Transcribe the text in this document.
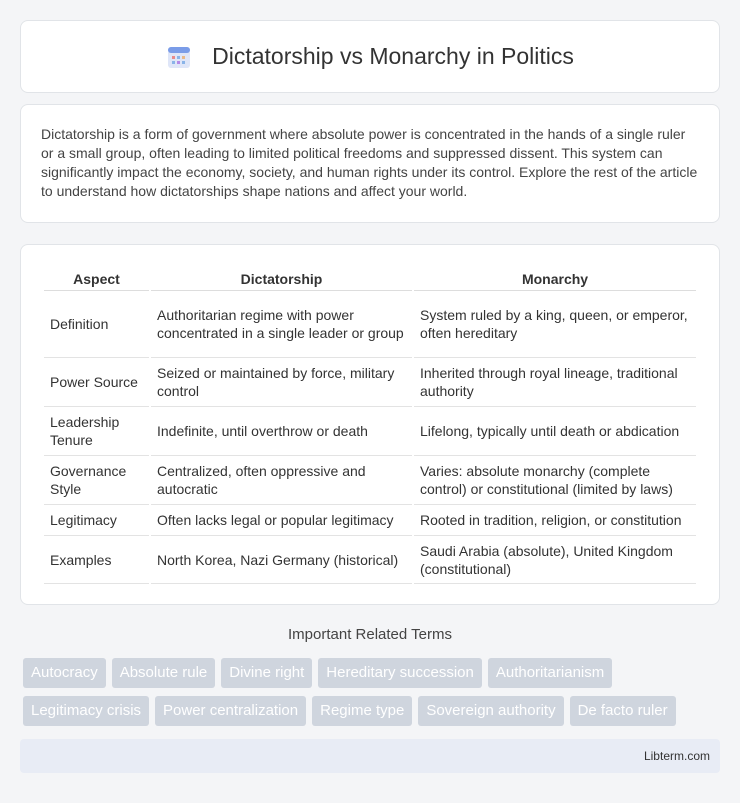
Dictatorship vs Monarchy in Politics

Dictatorship is a form of government where absolute power is concentrated in the hands of a single ruler or a small group, often leading to limited political freedoms and suppressed dissent. This system can significantly impact the economy, society, and human rights under its control. Explore the rest of the article to understand how dictatorships shape nations and affect your world.

Aspect	Dictatorship	Monarchy
Definition	Authoritarian regime with power concentrated in a single leader or group	System ruled by a king, queen, or emperor, often hereditary
Power Source	Seized or maintained by force, military control	Inherited through royal lineage, traditional authority
Leadership Tenure	Indefinite, until overthrow or death	Lifelong, typically until death or abdication
Governance Style	Centralized, often oppressive and autocratic	Varies: absolute monarchy (complete control) or constitutional (limited by laws)
Legitimacy	Often lacks legal or popular legitimacy	Rooted in tradition, religion, or constitution
Examples	North Korea, Nazi Germany (historical)	Saudi Arabia (absolute), United Kingdom (constitutional)
Important Related Terms
Autocracy	Absolute rule	Divine right	Hereditary succession	Authoritarianism
Legitimacy crisis	Power centralization	Regime type	Sovereign authority	De facto ruler
Libterm.com
